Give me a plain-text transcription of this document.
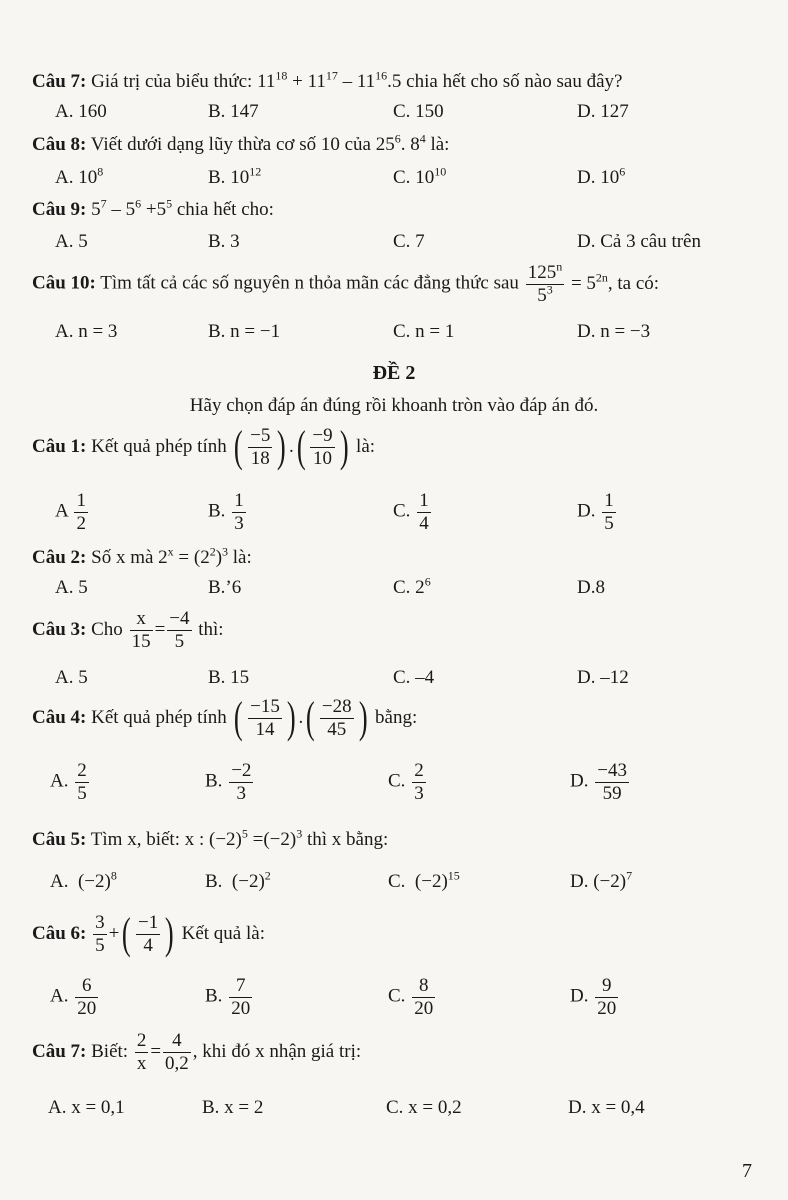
Câu 7: Giá trị của biểu thức: $11^{18} + 11^{17} - 11^{16}.5$ chia hết cho số nào sau đây?
A. 160	B. 147	C. 150	D. 127
Câu 8: Viết dưới dạng lũy thừa cơ số 10 của $25^6$. $8^4$ là:
A. $10^8$	B. $10^{12}$	C. $10^{10}$	D. $10^6$
Câu 9: $5^7 - 5^6 +5^5$ chia hết cho:
A. 5	B. 3	C. 7	D. Cả 3 câu trên
Câu 10: Tìm tất cả các số nguyên n thỏa mãn các đẳng thức sau $\frac{125^n}{5^3} = 5^{2n}$, ta có:
A. n = 3	B. n = −1	C. n = 1	D. n = −3
ĐỀ 2
Hãy chọn đáp án đúng rồi khoanh tròn vào đáp án đó.
Câu 1: Kết quả phép tính ( $\frac{-5}{18}$ ) .( $\frac{-9}{10}$ ) là:
A $\frac{1}{2}$	B. $\frac{1}{3}$	C. $\frac{1}{4}$	D. $\frac{1}{5}$
Câu 2: Số x mà $2^x = (2^2)^3$ là:
A. 5	B.ʼ6	C. $2^6$	D.8
Câu 3: Cho $\frac{x}{15} = \frac{-4}{5}$ thì:
A. 5	B. 15	C. –4	D. –12
Câu 4: Kết quả phép tính ( $\frac{-15}{14}$ ) .( $\frac{-28}{45}$ ) bằng:
A. $\frac{2}{5}$	B. $\frac{-2}{3}$	C. $\frac{2}{3}$	D. $\frac{-43}{59}$
Câu 5: Tìm x, biết: x : $(-2)^5 =(-2)^3$ thì x bằng:
A.  $(-2)^8$	B.  $(-2)^2$	C.  $(-2)^{15}$	D. $(-2)^7$
Câu 6: $\frac{3}{5}$ +( $\frac{-1}{4}$ ) Kết quả là:
A. $\frac{6}{20}$	B. $\frac{7}{20}$	C. $\frac{8}{20}$	D. $\frac{9}{20}$
Câu 7: Biết: $\frac{2}{x} = \frac{4}{0,2}$ , khi đó x nhận giá trị:
A. x = 0,1	B. x = 2	C. x = 0,2	D. x = 0,4
7
